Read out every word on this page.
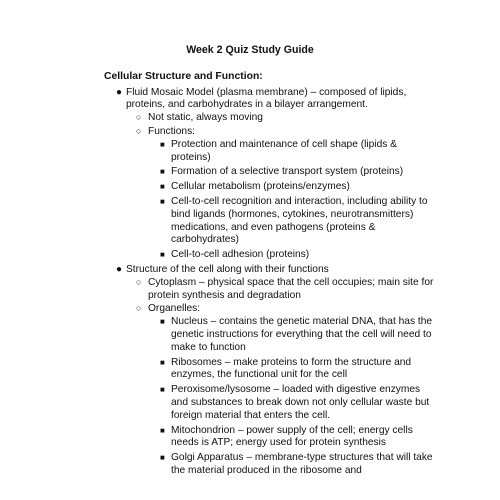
Week 2 Quiz Study Guide
Cellular Structure and Function:
● Fluid Mosaic Model (plasma membrane) – composed of lipids, proteins, and carbohydrates in a bilayer arrangement.
○ Not static, always moving
○ Functions:
■ Protection and maintenance of cell shape (lipids & proteins)
■ Formation of a selective transport system (proteins)
■ Cellular metabolism (proteins/enzymes)
■ Cell-to-cell recognition and interaction, including ability to bind ligands (hormones, cytokines, neurotransmitters) medications, and even pathogens (proteins & carbohydrates)
■ Cell-to-cell adhesion (proteins)
● Structure of the cell along with their functions
○ Cytoplasm – physical space that the cell occupies; main site for protein synthesis and degradation
○ Organelles:
■ Nucleus – contains the genetic material DNA, that has the genetic instructions for everything that the cell will need to make to function
■ Ribosomes – make proteins to form the structure and enzymes, the functional unit for the cell
■ Peroxisome/lysosome – loaded with digestive enzymes and substances to break down not only cellular waste but foreign material that enters the cell.
■ Mitochondrion – power supply of the cell; energy cells needs is ATP; energy used for protein synthesis
■ Golgi Apparatus – membrane-type structures that will take the material produced in the ribosome and
